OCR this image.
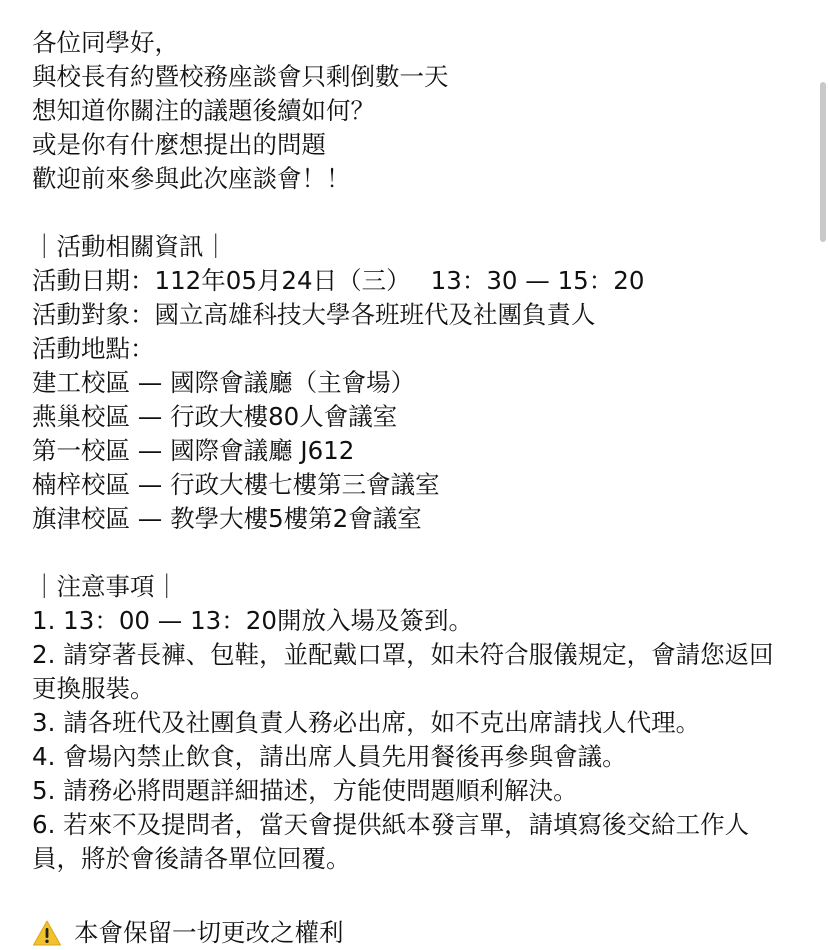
各位同學好，
與校長有約暨校務座談會只剩倒數一天
想知道你關注的議題後續如何？
或是你有什麼想提出的問題
歡迎前來參與此次座談會！！
｜活動相關資訊｜
活動日期：112年05月24日（三）　 13：30 — 15：20
活動對象：國立高雄科技大學各班班代及社團負責人
活動地點：
建工校區 — 國際會議廳（主會場）
燕巢校區 — 行政大樓80人會議室
第一校區 — 國際會議廳 J612
楠梓校區 — 行政大樓七樓第三會議室
旗津校區 — 教學大樓5樓第2會議室
｜注意事項｜
1. 13：00 — 13：20開放入場及簽到。
2. 請穿著長褲、包鞋，並配戴口罩，如未符合服儀規定，會請您返回更換服裝。
3. 請各班代及社團負責人務必出席，如不克出席請找人代理。
4. 會場內禁止飲食，請出席人員先用餐後再參與會議。
5. 請務必將問題詳細描述，方能使問題順利解決。
6. 若來不及提問者，當天會提供紙本發言單，請填寫後交給工作人員，將於會後請各單位回覆。
本會保留一切更改之權利
